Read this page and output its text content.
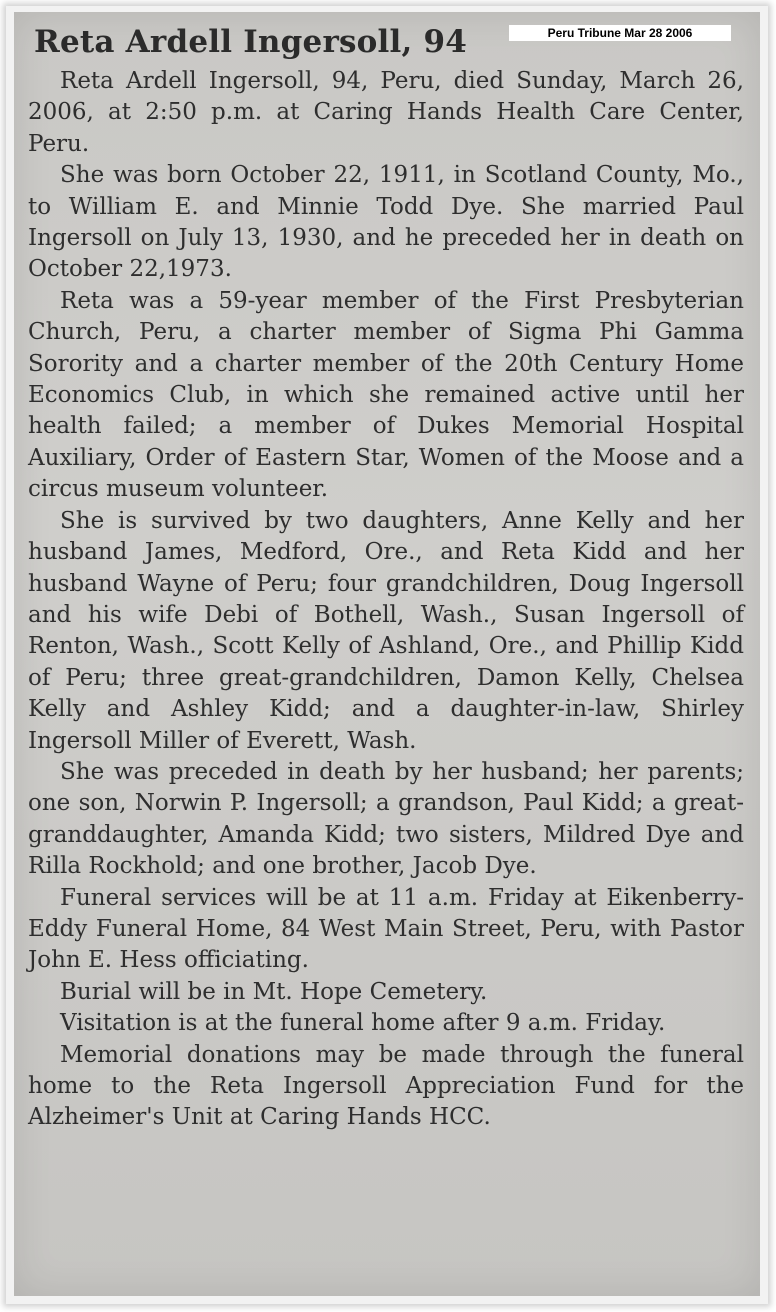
Peru Tribune Mar 28 2006
Reta Ardell Ingersoll, 94

Reta Ardell Ingersoll, 94, Peru, died Sunday, March 26, 2006, at 2:50 p.m. at Caring Hands Health Care Center, Peru.

She was born October 22, 1911, in Scotland County, Mo., to William E. and Minnie Todd Dye. She married Paul Ingersoll on July 13, 1930, and he preceded her in death on October 22,1973.

Reta was a 59-year member of the First Presbyterian Church, Peru, a charter member of Sigma Phi Gamma Sorority and a charter member of the 20th Century Home Economics Club, in which she remained active until her health failed; a member of Dukes Memorial Hospital Auxiliary, Order of Eastern Star, Women of the Moose and a circus museum volunteer.

She is survived by two daughters, Anne Kelly and her husband James, Medford, Ore., and Reta Kidd and her husband Wayne of Peru; four grandchildren, Doug Ingersoll and his wife Debi of Bothell, Wash., Susan Ingersoll of Renton, Wash., Scott Kelly of Ashland, Ore., and Phillip Kidd of Peru; three great-grandchildren, Damon Kelly, Chelsea Kelly and Ashley Kidd; and a daughter-in-law, Shirley Ingersoll Miller of Everett, Wash.

She was preceded in death by her husband; her parents; one son, Norwin P. Ingersoll; a grandson, Paul Kidd; a great-granddaughter, Amanda Kidd; two sisters, Mildred Dye and Rilla Rockhold; and one brother, Jacob Dye.

Funeral services will be at 11 a.m. Friday at Eikenberry-Eddy Funeral Home, 84 West Main Street, Peru, with Pastor John E. Hess officiating.

Burial will be in Mt. Hope Cemetery.

Visitation is at the funeral home after 9 a.m. Friday.

Memorial donations may be made through the funeral home to the Reta Ingersoll Appreciation Fund for the Alzheimer's Unit at Caring Hands HCC.
